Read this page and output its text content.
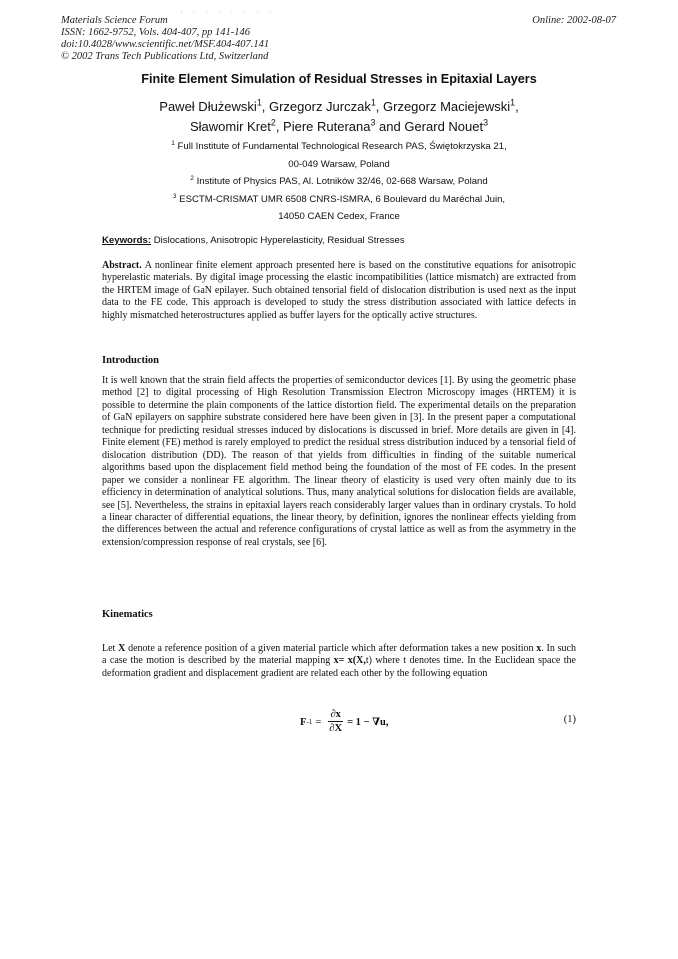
· · · · · · · ·
Materials Science Forum
ISSN: 1662-9752, Vols. 404-407, pp 141-146
doi:10.4028/www.scientific.net/MSF.404-407.141
© 2002 Trans Tech Publications Ltd, Switzerland
Online: 2002-08-07
Finite Element Simulation of Residual Stresses in Epitaxial Layers
Paweł Dłużewski$^1$, Grzegorz Jurczak$^1$, Grzegorz Maciejewski$^1$,
Sławomir Kret$^2$, Piere Ruterana$^3$ and Gerard Nouet$^3$
$^1$ Full Institute of Fundamental Technological Research PAS, Świętokrzyska 21,
00-049 Warsaw, Poland
$^2$ Institute of Physics PAS, Al. Lotników 32/46, 02-668 Warsaw, Poland
$^3$ ESCTM-CRISMAT UMR 6508 CNRS-ISMRA, 6 Boulevard du Maréchal Juin,
14050 CAEN Cedex, France
Keywords: Dislocations, Anisotropic Hyperelasticity, Residual Stresses

Abstract. A nonlinear finite element approach presented here is based on the constitutive equations for anisotropic hyperelastic materials. By digital image processing the elastic incompatibilities (lattice mismatch) are extracted from the HRTEM image of GaN epilayer. Such obtained tensorial field of dislocation distribution is used next as the input data to the FE code. This approach is developed to study the stress distribution associated with lattice defects in highly mismatched heterostructures applied as buffer layers for the optically active structures.

Introduction

It is well known that the strain field affects the properties of semiconductor devices [1]. By using the geometric phase method [2] to digital processing of High Resolution Transmission Electron Microscopy images (HRTEM) it is possible to determine the plain components of the lattice distortion field. The experimental details on the preparation of GaN epilayers on sapphire substrate considered here have been given in [3]. In the present paper a computational technique for predicting residual stresses induced by dislocations is discussed in brief. More details are given in [4]. Finite element (FE) method is rarely employed to predict the residual stress distribution induced by a tensorial field of dislocation distribution (DD). The reason of that yields from difficulties in finding of the suitable numerical algorithms based upon the displacement field method being the foundation of the most of FE codes. In the present paper we consider a nonlinear FE algorithm. The linear theory of elasticity is used very often mainly due to its efficiency in determination of analytical solutions. Thus, many analytical solutions for dislocation fields are available, see [5]. Nevertheless, the strains in epitaxial layers reach considerably larger values than in ordinary crystals. To hold a linear character of differential equations, the linear theory, by definition, ignores the nonlinear effects yielding from the differences between the actual and reference configurations of crystal lattice as well as from the asymmetry in the extension/compression response of real crystals, see [6].

Kinematics

Let X denote a reference position of a given material particle which after deformation takes a new position x. In such a case the motion is described by the material mapping x= x(X,t) where t denotes time. In the Euclidean space the deformation gradient and displacement gradient are related each other by the following equation

F $-1 = \frac{\partial x}{\partial X} = 1 - \nabla u$,	(1)
